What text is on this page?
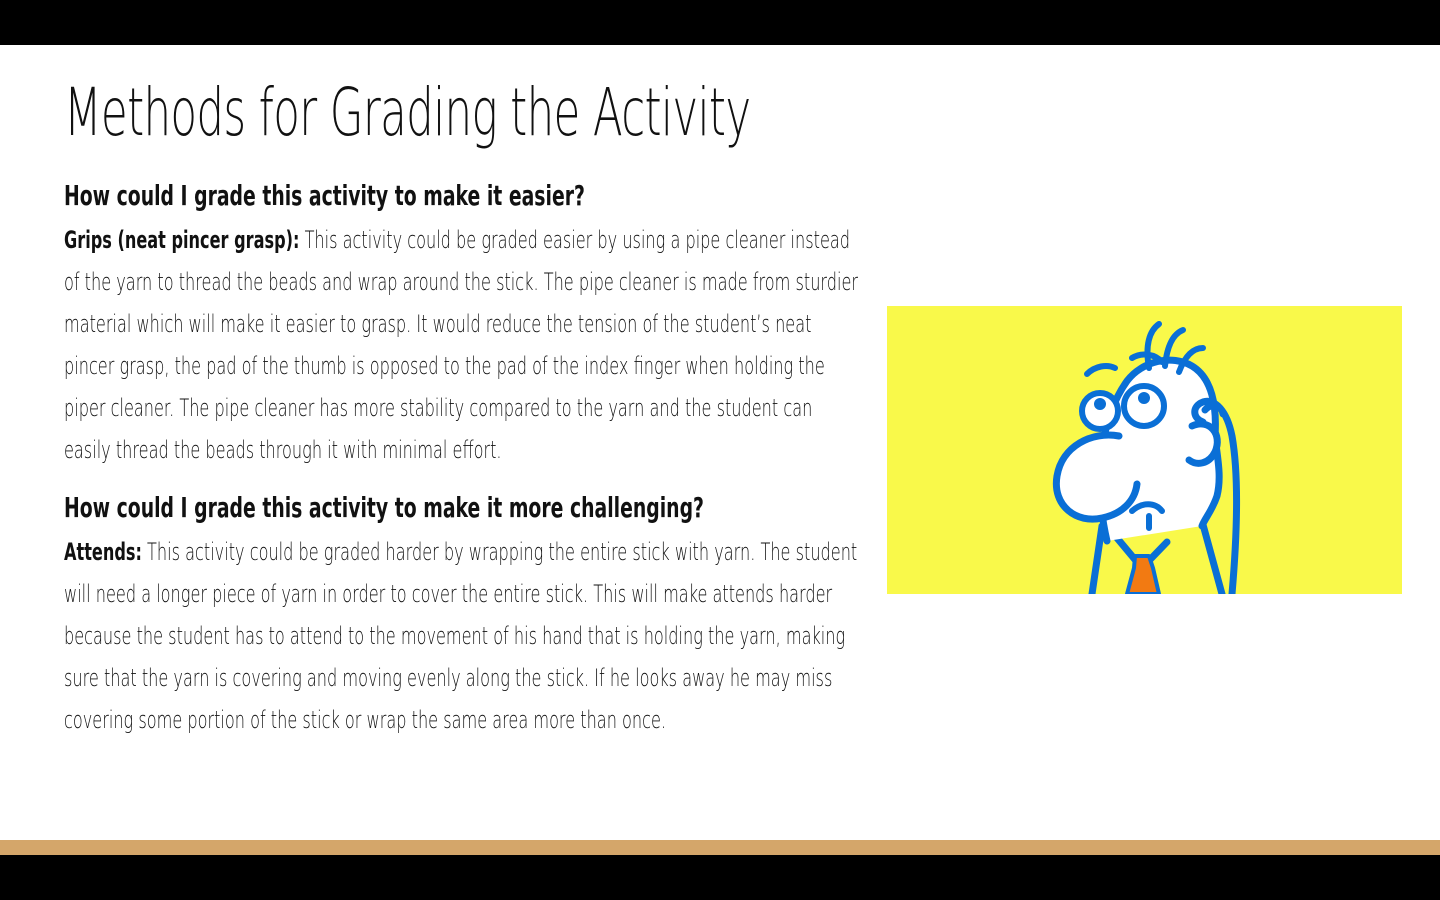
Methods for Grading the Activity
How could I grade this activity to make it easier?

Grips (neat pincer grasp): This activity could be graded easier by using a pipe cleaner instead of the yarn to thread the beads and wrap around the stick. The pipe cleaner is made from sturdier material which will make it easier to grasp. It would reduce the tension of the student’s neat pincer grasp, the pad of the thumb is opposed to the pad of the index finger when holding the piper cleaner. The pipe cleaner has more stability compared to the yarn and the student can easily thread the beads through it with minimal effort.

How could I grade this activity to make it more challenging?

Attends: This activity could be graded harder by wrapping the entire stick with yarn. The student will need a longer piece of yarn in order to cover the entire stick. This will make attends harder because the student has to attend to the movement of his hand that is holding the yarn, making sure that the yarn is covering and moving evenly along the stick. If he looks away he may miss covering some portion of the stick or wrap the same area more than once.
